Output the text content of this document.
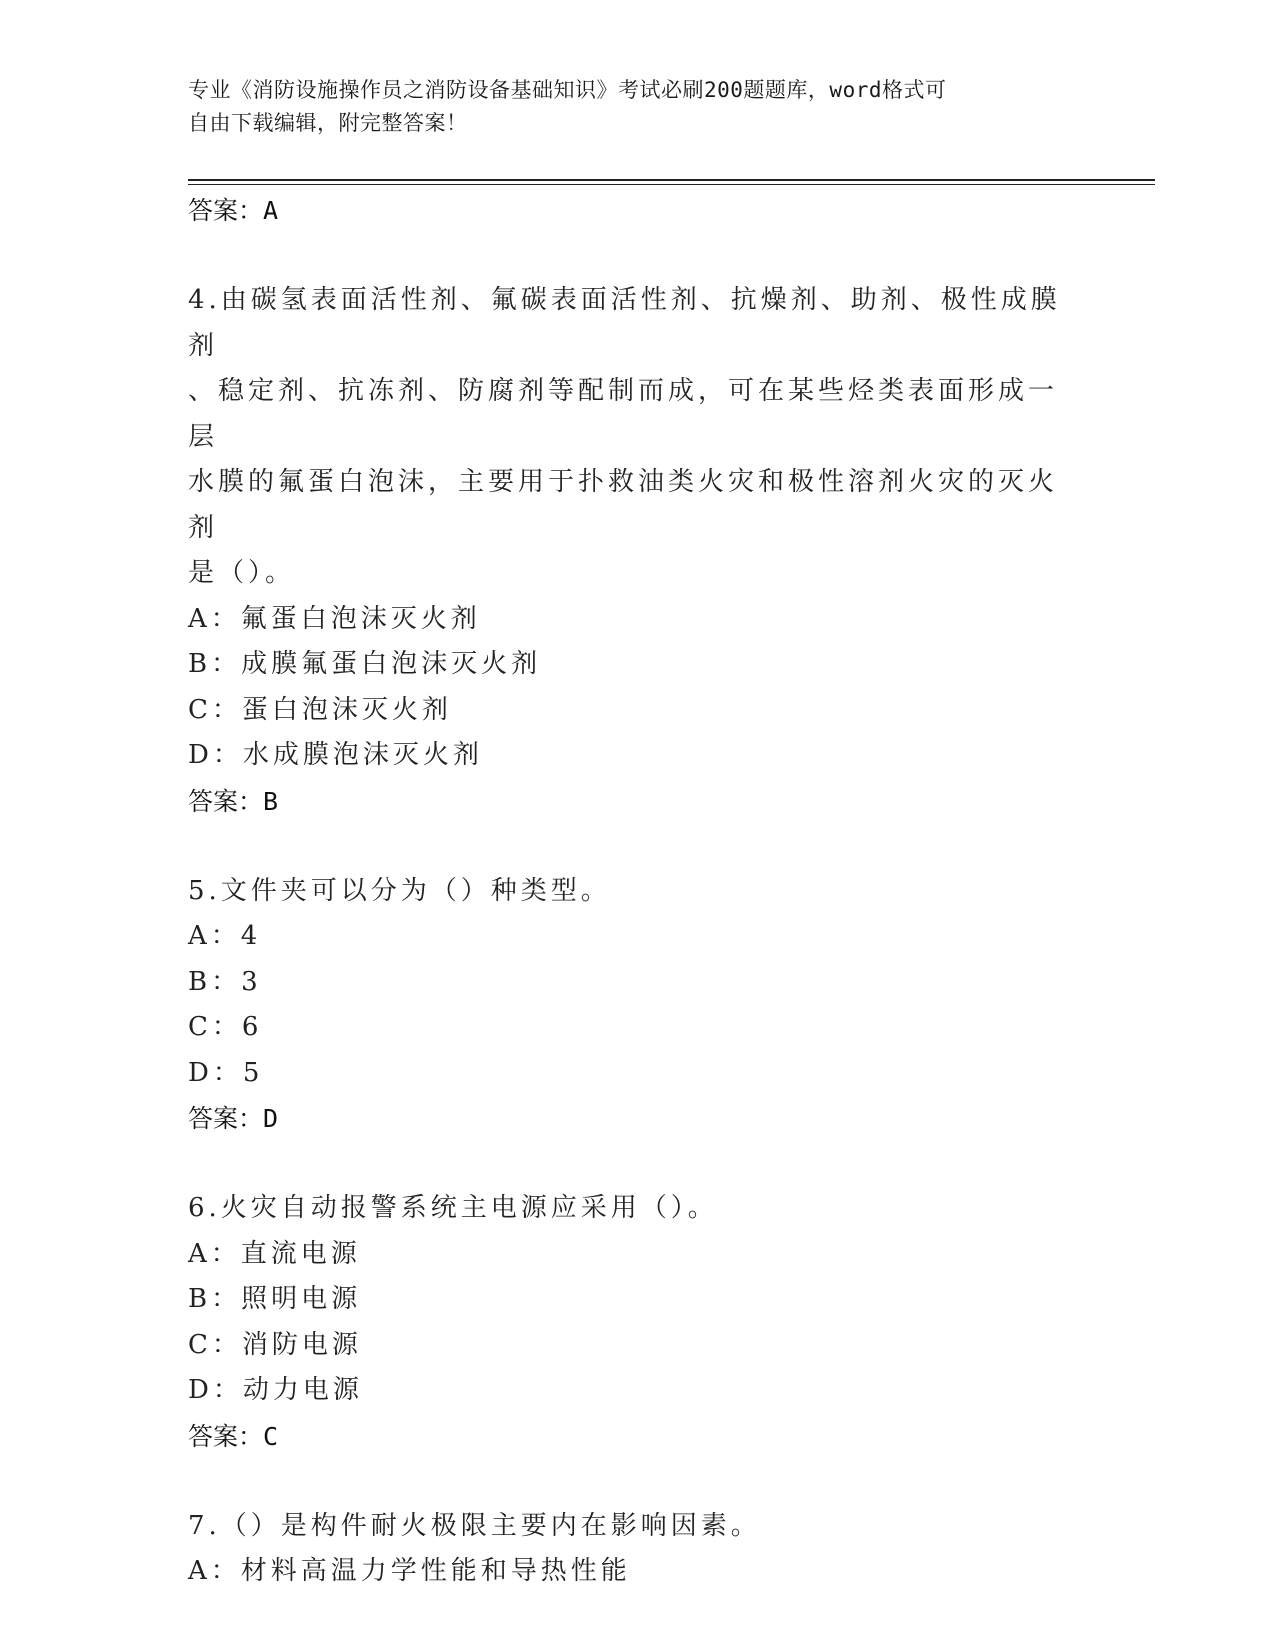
专业《消防设施操作员之消防设备基础知识》考试必刷200题题库，word格式可
自由下载编辑，附完整答案！
答案：A
4.由碳氢表面活性剂、氟碳表面活性剂、抗燥剂、助剂、极性成膜剂
、稳定剂、抗冻剂、防腐剂等配制而成，可在某些烃类表面形成一层
水膜的氟蛋白泡沫，主要用于扑救油类火灾和极性溶剂火灾的灭火剂
是（）。
A：氟蛋白泡沫灭火剂
B：成膜氟蛋白泡沫灭火剂
C：蛋白泡沫灭火剂
D：水成膜泡沫灭火剂
答案：B
5.文件夹可以分为（）种类型。
A：4
B：3
C：6
D：5
答案：D
6.火灾自动报警系统主电源应采用（）。
A：直流电源
B：照明电源
C：消防电源
D：动力电源
答案：C
7.（）是构件耐火极限主要内在影响因素。
A：材料高温力学性能和导热性能
